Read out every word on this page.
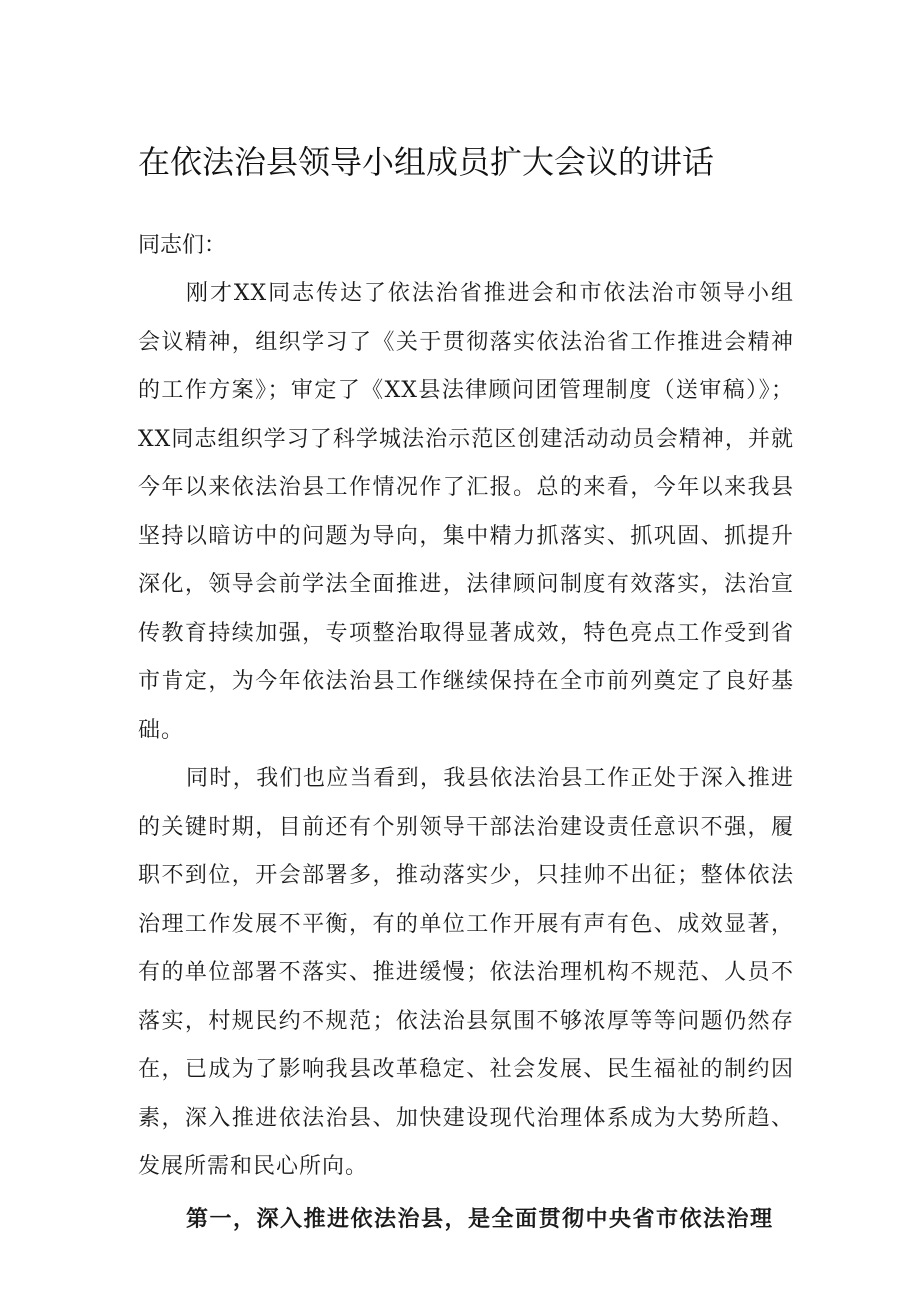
在依法治县领导小组成员扩大会议的讲话

同志们：

刚才XX同志传达了依法治省推进会和市依法治市领导小组会议精神，组织学习了《关于贯彻落实依法治省工作推进会精神的工作方案》；审定了《XX县法律顾问团管理制度（送审稿）》；XX同志组织学习了科学城法治示范区创建活动动员会精神，并就今年以来依法治县工作情况作了汇报。总的来看，今年以来我县坚持以暗访中的问题为导向，集中精力抓落实、抓巩固、抓提升深化，领导会前学法全面推进，法律顾问制度有效落实，法治宣传教育持续加强，专项整治取得显著成效，特色亮点工作受到省市肯定，为今年依法治县工作继续保持在全市前列奠定了良好基础。

同时，我们也应当看到，我县依法治县工作正处于深入推进的关键时期，目前还有个别领导干部法治建设责任意识不强，履职不到位，开会部署多，推动落实少，只挂帅不出征；整体依法治理工作发展不平衡，有的单位工作开展有声有色、成效显著，有的单位部署不落实、推进缓慢；依法治理机构不规范、人员不落实，村规民约不规范；依法治县氛围不够浓厚等等问题仍然存在，已成为了影响我县改革稳定、社会发展、民生福祉的制约因素，深入推进依法治县、加快建设现代治理体系成为大势所趋、发展所需和民心所向。

第一，深入推进依法治县，是全面贯彻中央省市依法治理
